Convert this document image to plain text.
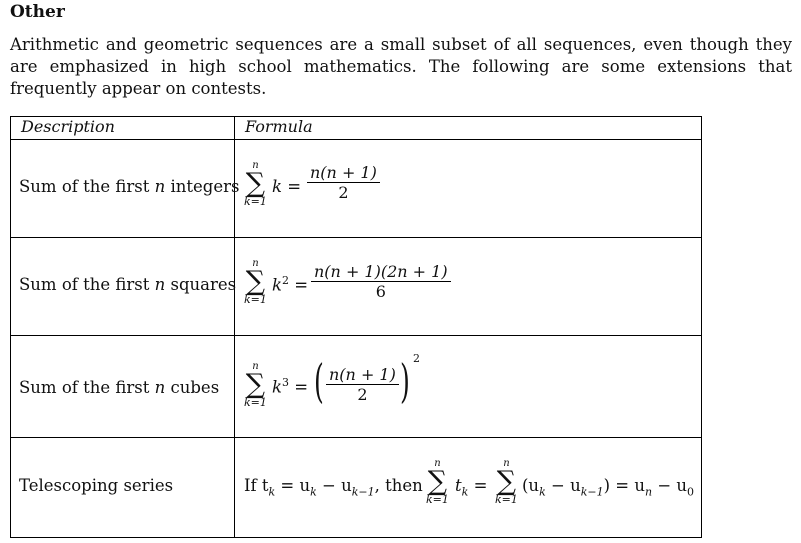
Other
Arithmetic and geometric sequences are a small subset of all sequences, even though they are emphasized in high school mathematics. The following are some extensions that frequently appear on contests.
Description	Formula
Sum of the first n integers
n
∑
k=1
$k = \frac{n(n + 1)}{2}$
Sum of the first n squares
n
∑
k=1
$k^2 = \frac{n(n + 1)(2n + 1)}{6}$
Sum of the first n cubes
n
∑
k=1
$k^3$ = ( $\frac{n(n + 1)}{2}$ ) 2
Telescoping series	If $t_k = u_k - u_{k-1}$, then
n
∑
k=1
$t_k$ =
n
∑
k=1
$(u_k - u_{k-1}) = u_n - u_0$
